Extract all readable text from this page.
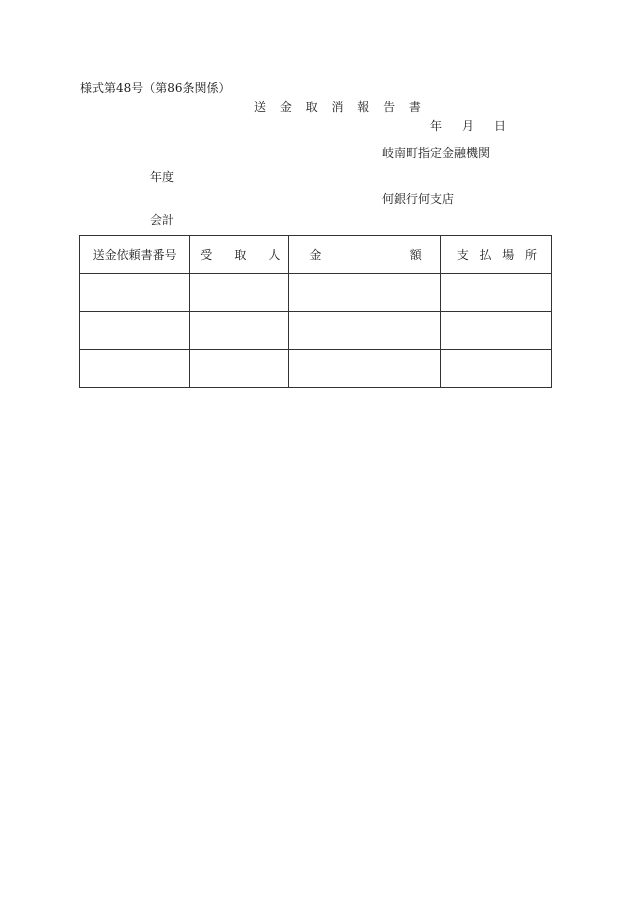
様式第48号（第86条関係）
送 金 取 消 報 告 書
年 月 日
岐南町指定金融機関
年度
何銀行何支店
会計
送金依頼書番号	受 取 人	金 額	支 払 場 所
